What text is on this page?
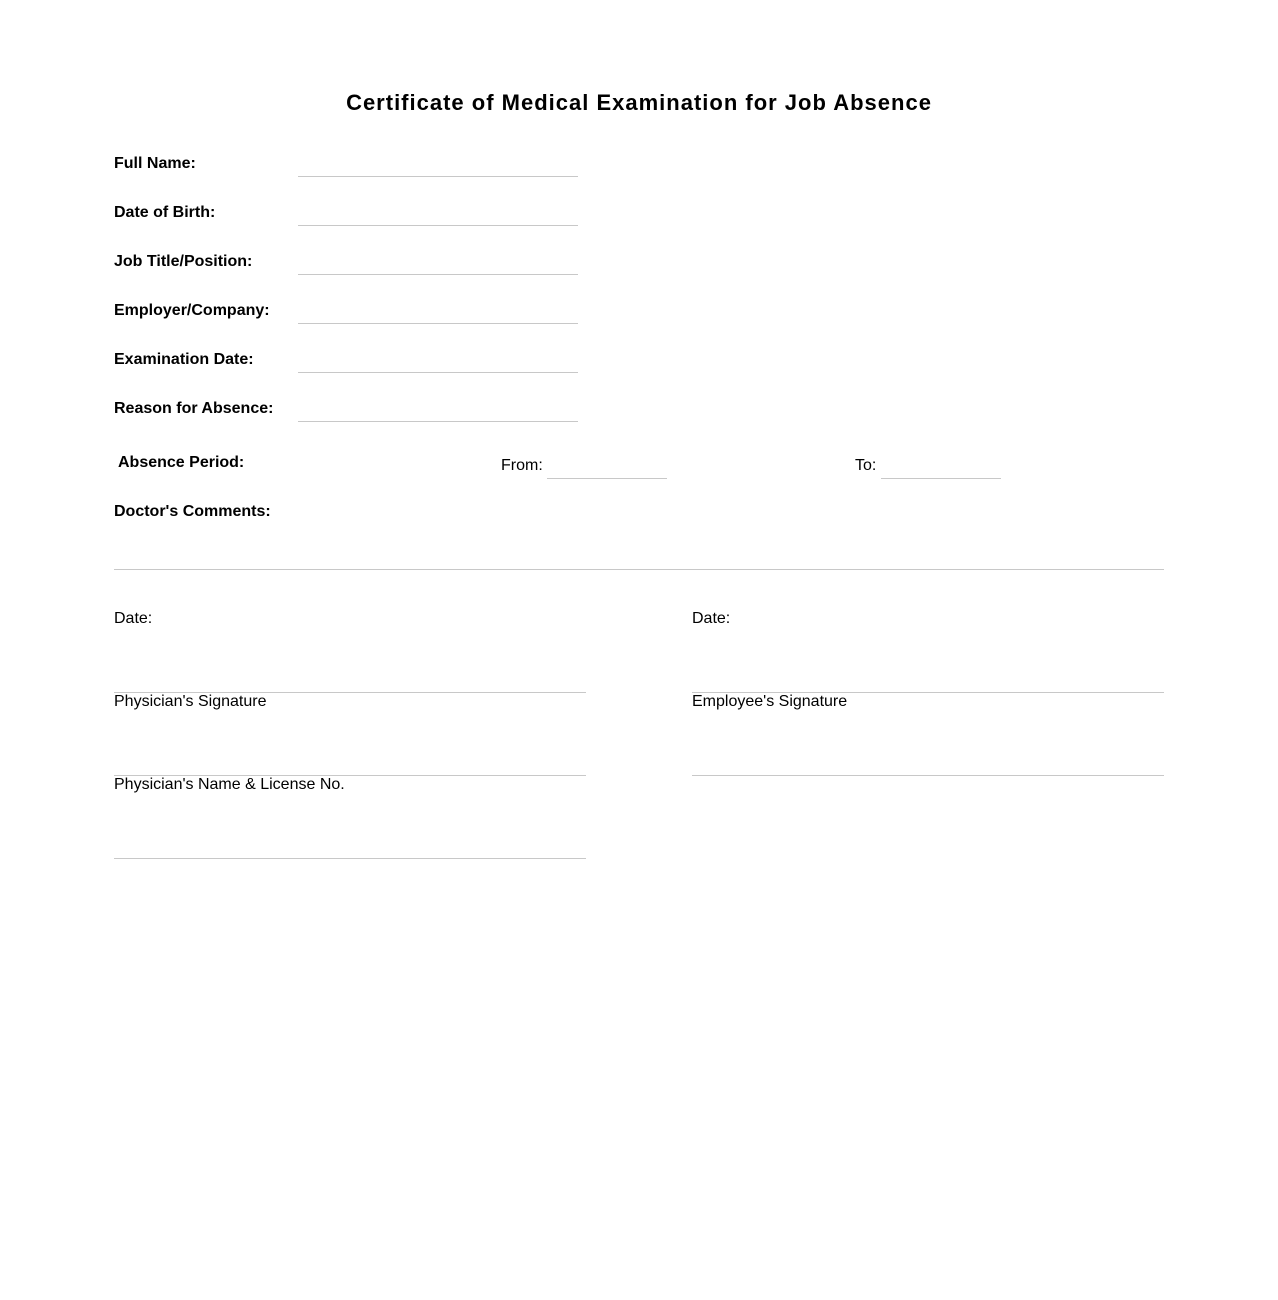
Certificate of Medical Examination for Job Absence
Full Name:
Date of Birth:
Job Title/Position:
Employer/Company:
Examination Date:
Reason for Absence:
Absence Period:	From:	To:
Doctor's Comments:
Date:
Physician's Signature
Physician's Name & License No.
Date:
Employee's Signature
